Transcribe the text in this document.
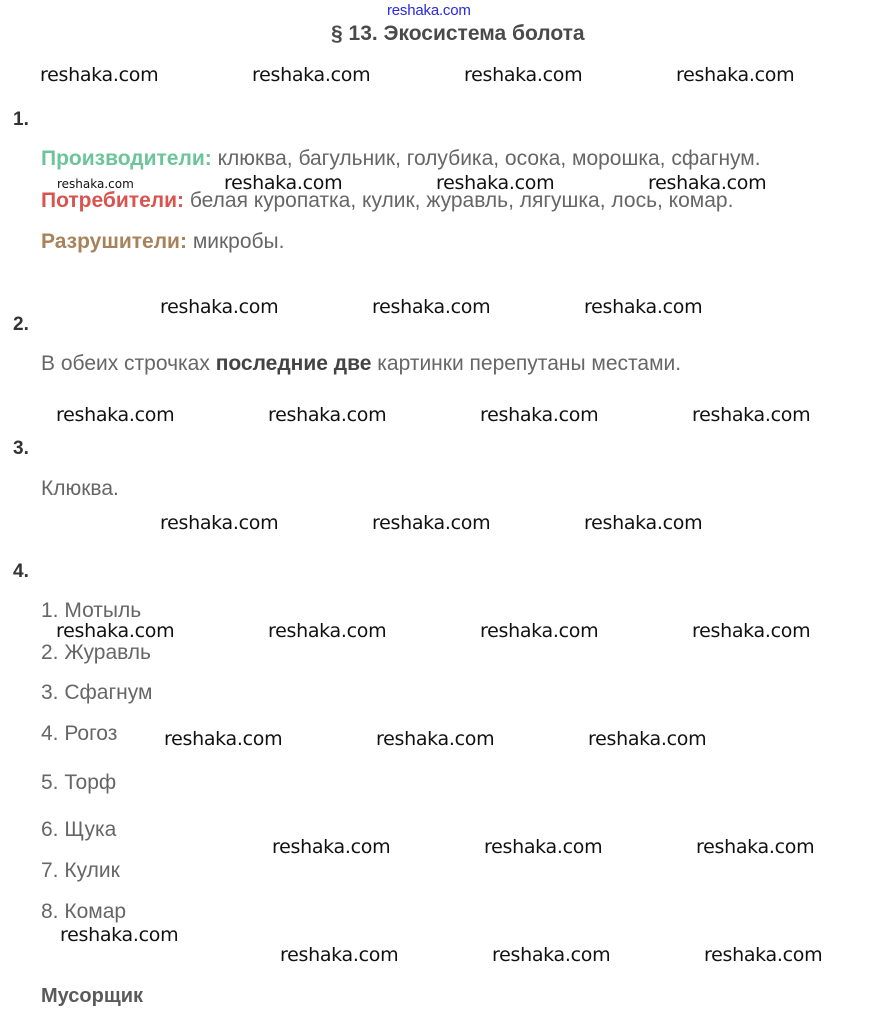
reshaka.com
§ 13. Экосистема болота
reshaka.com	reshaka.com	reshaka.com	reshaka.com
1.
Производители: клюква, багульник, голубика, осока, морошка, сфагнум.
reshaka.com	reshaka.com	reshaka.com	reshaka.com
Потребители: белая куропатка, кулик, журавль, лягушка, лось, комар.
Разрушители: микробы.
reshaka.com	reshaka.com	reshaka.com
2.
В обеих строчках последние две картинки перепутаны местами.
reshaka.com	reshaka.com	reshaka.com	reshaka.com
3.
Клюква.
reshaka.com	reshaka.com	reshaka.com
4.
1. Мотыль
reshaka.com	reshaka.com	reshaka.com	reshaka.com
2. Журавль
3. Сфагнум
4. Рогоз reshaka.com	reshaka.com	reshaka.com
5. Торф
6. Щука
reshaka.com	reshaka.com	reshaka.com
7. Кулик
8. Комар
reshaka.com
reshaka.com	reshaka.com	reshaka.com
Мусорщик
